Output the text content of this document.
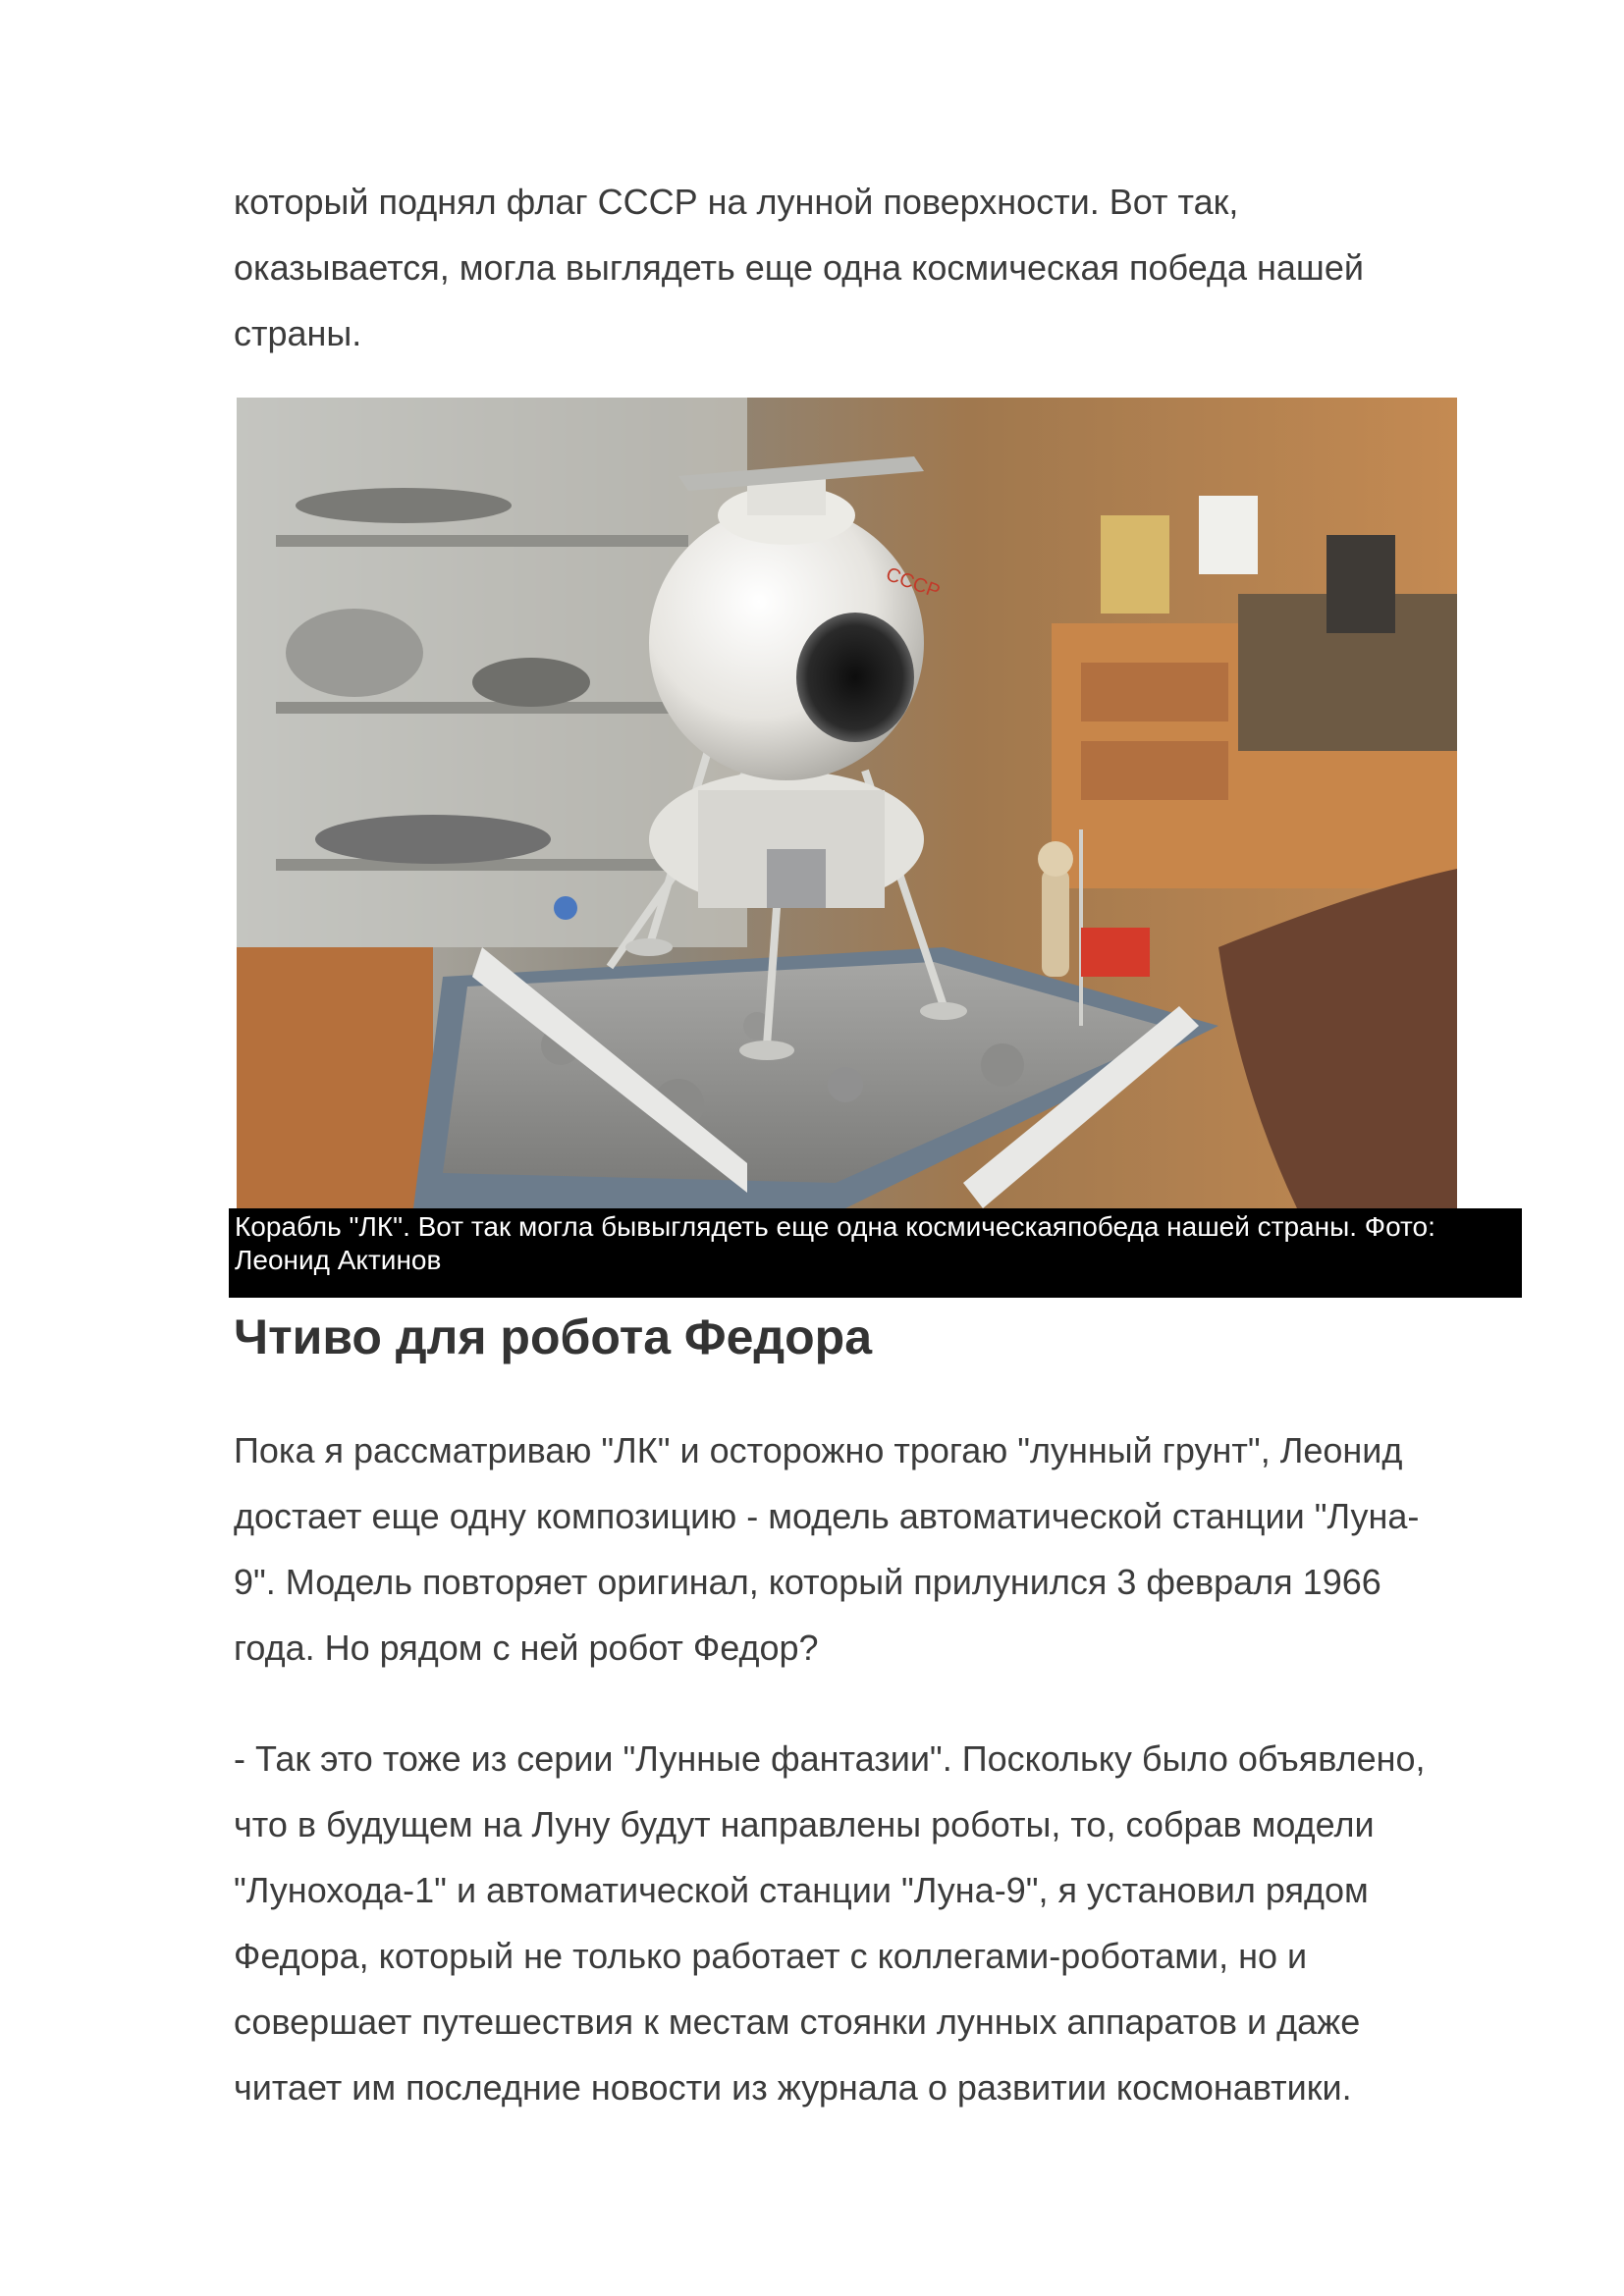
который поднял флаг СССР на лунной поверхности. Вот так,
оказывается, могла выглядеть еще одна космическая победа нашей
страны.

СССР
Корабль "ЛК". Вот так могла бывыглядеть еще одна космическаяпобеда нашей страны. Фото:
Леонид Актинов
Чтиво для робота Федора

Пока я рассматриваю "ЛК" и осторожно трогаю "лунный грунт", Леонид
достает еще одну композицию - модель автоматической станции "Луна-
9". Модель повторяет оригинал, который прилунился 3 февраля 1966
года. Но рядом с ней робот Федор?

- Так это тоже из серии "Лунные фантазии". Поскольку было объявлено,
что в будущем на Луну будут направлены роботы, то, собрав модели
"Лунохода-1" и автоматической станции "Луна-9", я установил рядом
Федора, который не только работает с коллегами-роботами, но и
совершает путешествия к местам стоянки лунных аппаратов и даже
читает им последние новости из журнала о развитии космонавтики.
